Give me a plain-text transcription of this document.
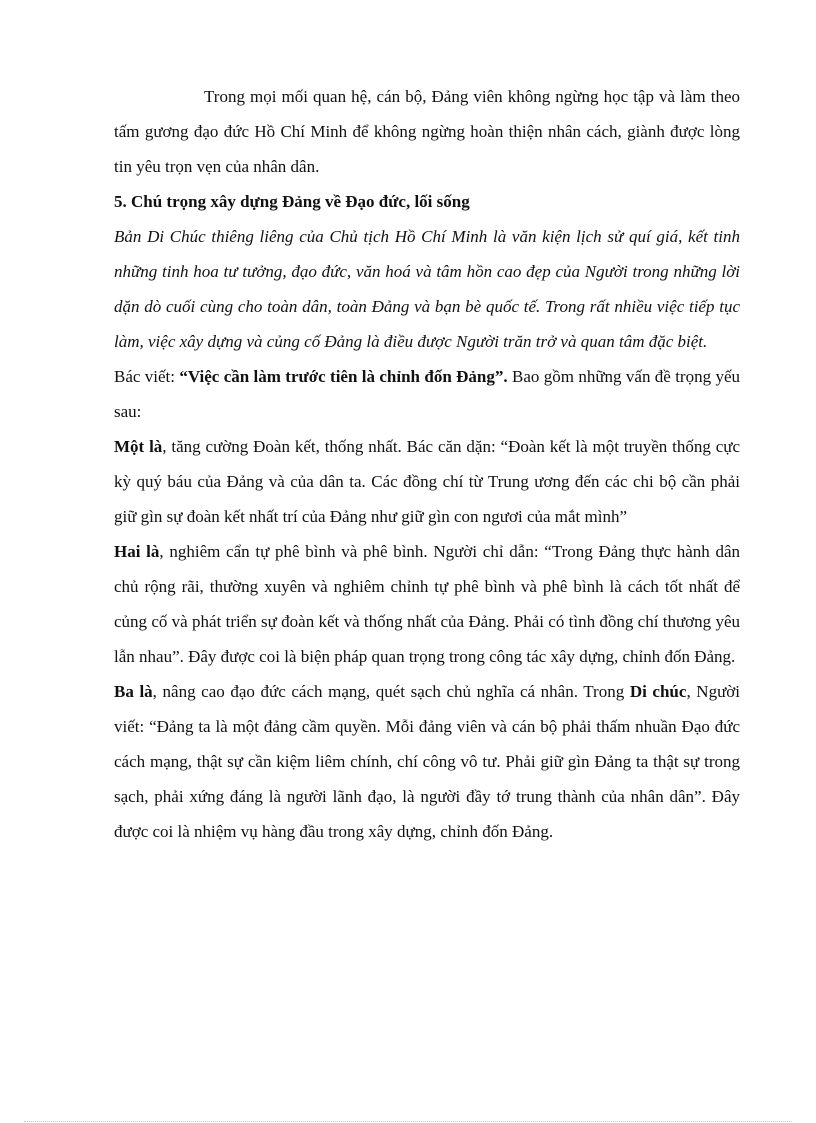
Trong mọi mối quan hệ, cán bộ, Đảng viên không ngừng học tập và làm theo tấm gương đạo đức Hồ Chí Minh để không ngừng hoàn thiện nhân cách, giành được lòng tin yêu trọn vẹn của nhân dân.

5. Chú trọng xây dựng Đảng về Đạo đức, lối sống

Bản Di Chúc thiêng liêng của Chủ tịch Hồ Chí Minh là văn kiện lịch sử quí giá, kết tinh những tinh hoa tư tưởng, đạo đức, văn hoá và tâm hồn cao đẹp của Người trong những lời dặn dò cuối cùng cho toàn dân, toàn Đảng và bạn bè quốc tế. Trong rất nhiều việc tiếp tục làm, việc xây dựng và củng cố Đảng là điều được Người trăn trở và quan tâm đặc biệt.

Bác viết: “Việc cần làm trước tiên là chỉnh đốn Đảng”. Bao gồm những vấn đề trọng yếu sau:

Một là, tăng cường Đoàn kết, thống nhất. Bác căn dặn: “Đoàn kết là một truyền thống cực kỳ quý báu của Đảng và của dân ta. Các đồng chí từ Trung ương đến các chi bộ cần phải giữ gìn sự đoàn kết nhất trí của Đảng như giữ gìn con ngươi của mắt mình”

Hai là, nghiêm cẩn tự phê bình và phê bình. Người chỉ dẫn: “Trong Đảng thực hành dân chủ rộng rãi, thường xuyên và nghiêm chỉnh tự phê bình và phê bình là cách tốt nhất để củng cố và phát triển sự đoàn kết và thống nhất của Đảng. Phải có tình đồng chí thương yêu lẫn nhau”. Đây được coi là biện pháp quan trọng trong công tác xây dựng, chỉnh đốn Đảng.

Ba là, nâng cao đạo đức cách mạng, quét sạch chủ nghĩa cá nhân. Trong Di chúc, Người viết: “Đảng ta là một đảng cầm quyền. Mỗi đảng viên và cán bộ phải thấm nhuần Đạo đức cách mạng, thật sự cần kiệm liêm chính, chí công vô tư. Phải giữ gìn Đảng ta thật sự trong sạch, phải xứng đáng là người lãnh đạo, là người đầy tớ trung thành của nhân dân”. Đây được coi là nhiệm vụ hàng đầu trong xây dựng, chỉnh đốn Đảng.
